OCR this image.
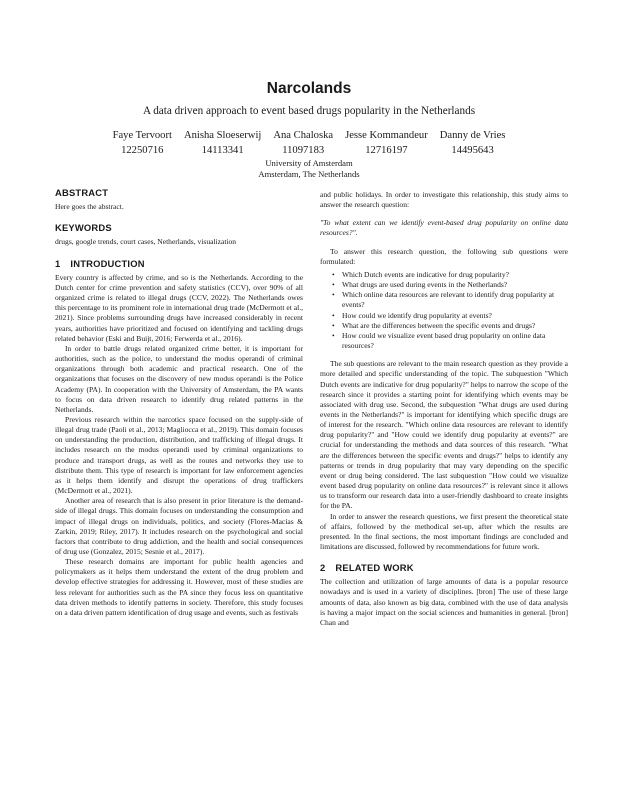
Narcolands
A data driven approach to event based drugs popularity in the Netherlands
Faye Tervoort
12250716
Anisha Sloeserwij
14113341
Ana Chaloska
11097183
Jesse Kommandeur
12716197
Danny de Vries
14495643
University of Amsterdam
Amsterdam, The Netherlands
ABSTRACT

Here goes the abstract.

KEYWORDS

drugs, google trends, court cases, Netherlands, visualization

1 INTRODUCTION

Every country is affected by crime, and so is the Netherlands. According to the Dutch center for crime prevention and safety statistics (CCV), over 90% of all organized crime is related to illegal drugs (CCV, 2022). The Netherlands owes this percentage to its prominent role in international drug trade (McDermott et al., 2021). Since problems surrounding drugs have increased considerably in recent years, authorities have prioritized and focused on identifying and tackling drugs related behavior (Eski and Buijt, 2016; Ferwerda et al., 2016).

In order to battle drugs related organized crime better, it is important for authorities, such as the police, to understand the modus operandi of criminal organizations through both academic and practical research. One of the organizations that focuses on the discovery of new modus operandi is the Police Academy (PA). In cooperation with the University of Amsterdam, the PA wants to focus on data driven research to identify drug related patterns in the Netherlands.

Previous research within the narcotics space focused on the supply-side of illegal drug trade (Paoli et al., 2013; Magliocca et al., 2019). This domain focuses on understanding the production, distribution, and trafficking of illegal drugs. It includes research on the modus operandi used by criminal organizations to produce and transport drugs, as well as the routes and networks they use to distribute them. This type of research is important for law enforcement agencies as it helps them identify and disrupt the operations of drug traffickers (McDermott et al., 2021).

Another area of research that is also present in prior literature is the demand-side of illegal drugs. This domain focuses on understanding the consumption and impact of illegal drugs on individuals, politics, and society (Flores-Macías & Zarkin, 2019; Riley, 2017). It includes research on the psychological and social factors that contribute to drug addiction, and the health and social consequences of drug use (Gonzalez, 2015; Sesnie et al., 2017).

These research domains are important for public health agencies and policymakers as it helps them understand the extent of the drug problem and develop effective strategies for addressing it. However, most of these studies are less relevant for authorities such as the PA since they focus less on quantitative data driven methods to identify patterns in society. Therefore, this study focuses on a data driven pattern identification of drug usage and events, such as festivals

and public holidays. In order to investigate this relationship, this study aims to answer the research question:

"To what extent can we identify event-based drug popularity on online data resources?".

To answer this research question, the following sub questions were formulated:

• Which Dutch events are indicative for drug popularity?
• What drugs are used during events in the Netherlands?
• Which online data resources are relevant to identify drug popularity at events?
• How could we identify drug popularity at events?
• What are the differences between the specific events and drugs?
• How could we visualize event based drug popularity on online data resources?

The sub questions are relevant to the main research question as they provide a more detailed and specific understanding of the topic. The subquestion "Which Dutch events are indicative for drug popularity?" helps to narrow the scope of the research since it provides a starting point for identifying which events may be associated with drug use. Second, the subquestion "What drugs are used during events in the Netherlands?" is important for identifying which specific drugs are of interest for the research. "Which online data resources are relevant to identify drug popularity?" and "How could we identify drug popularity at events?" are crucial for understanding the methods and data sources of this research. "What are the differences between the specific events and drugs?" helps to identify any patterns or trends in drug popularity that may vary depending on the specific event or drug being considered. The last subquestion "How could we visualize event based drug popularity on online data resources?" is relevant since it allows us to transform our research data into a user-friendly dashboard to create insights for the PA.

In order to answer the research questions, we first present the theoretical state of affairs, followed by the methodical set-up, after which the results are presented. In the final sections, the most important findings are concluded and limitations are discussed, followed by recommendations for future work.

2 RELATED WORK

The collection and utilization of large amounts of data is a popular resource nowadays and is used in a variety of disciplines. [bron] The use of these large amounts of data, also known as big data, combined with the use of data analysis is having a major impact on the social sciences and humanities in general. [bron] Chan and
